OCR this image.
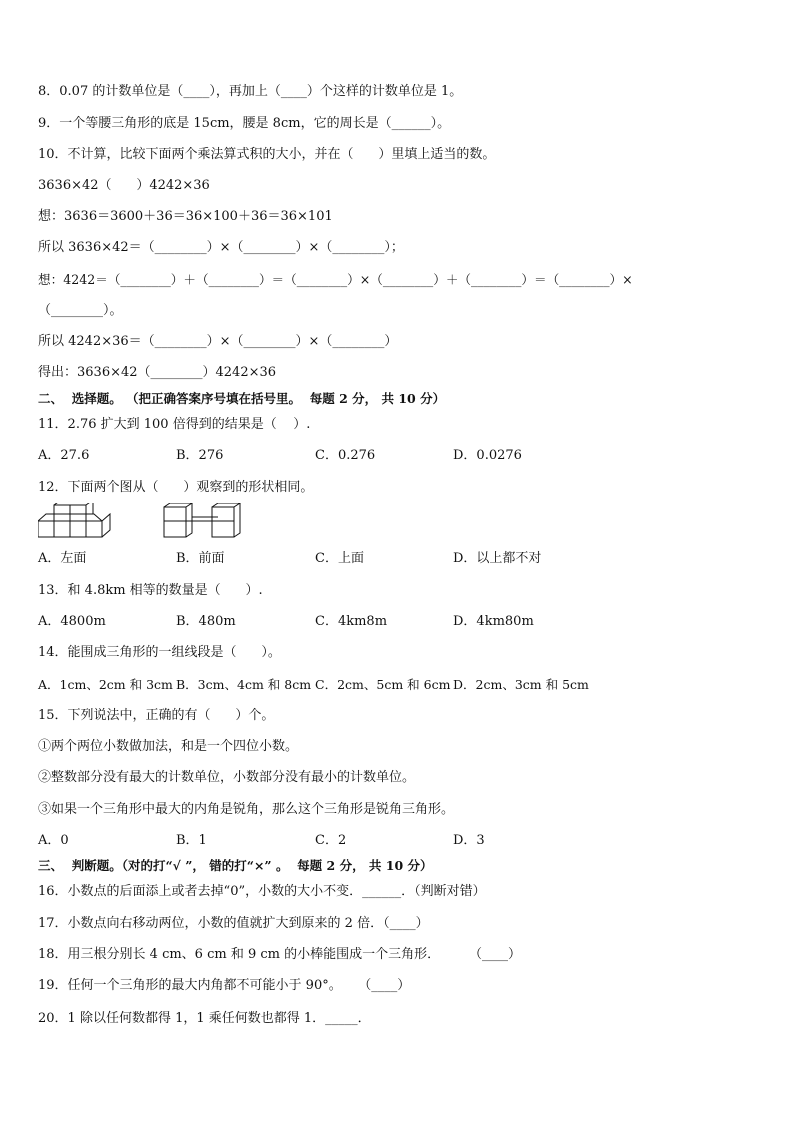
8．0.07 的计数单位是（____），再加上（____）个这样的计数单位是 1。
9．一个等腰三角形的底是 15cm，腰是 8cm，它的周长是（______）。
10．不计算，比较下面两个乘法算式积的大小，并在（      ）里填上适当的数。
3636×42（      ）4242×36
想：3636＝3600＋36＝36×100＋36＝36×101
所以 3636×42＝（________）×（________）×（________）；
想：4242＝（________）＋（________）＝（________）×（________）＋（________）＝（________）×
（________）。
所以 4242×36＝（________）×（________）×（________）
得出：3636×42（________）4242×36
二、  选择题。 （把正确答案序号填在括号里。  每题 2 分， 共 10 分）
11．2.76 扩大到 100 倍得到的结果是（    ）.
A．27.6	B．276	C．0.276	D．0.0276
12．下面两个图从（      ）观察到的形状相同。
A．左面	B．前面	C．上面	D．以上都不对
13．和 4.8km 相等的数量是（      ）.
A．4800m	B．480m	C．4km8m	D．4km80m
14．能围成三角形的一组线段是（      ）。
A．1cm、2cm 和 3cm B．3cm、4cm 和 8cm C．2cm、5cm 和 6cm D．2cm、3cm 和 5cm
15．下列说法中，正确的有（      ）个。
①两个两位小数做加法，和是一个四位小数。
②整数部分没有最大的计数单位，小数部分没有最小的计数单位。
③如果一个三角形中最大的内角是锐角，那么这个三角形是锐角三角形。
A．0	B．1	C．2	D．3
三、  判断题。（对的打“√ ”， 错的打“×” 。  每题 2 分， 共 10 分）
16．小数点的后面添上或者去掉“0”，小数的大小不变．______．（判断对错）
17．小数点向右移动两位，小数的值就扩大到原来的 2 倍．（____）
18．用三根分别长 4 cm、6 cm 和 9 cm 的小棒能围成一个三角形．       （____）
19．任何一个三角形的最大内角都不可能小于 90°。    （____）
20．1 除以任何数都得 1，1 乘任何数也都得 1．_____．
